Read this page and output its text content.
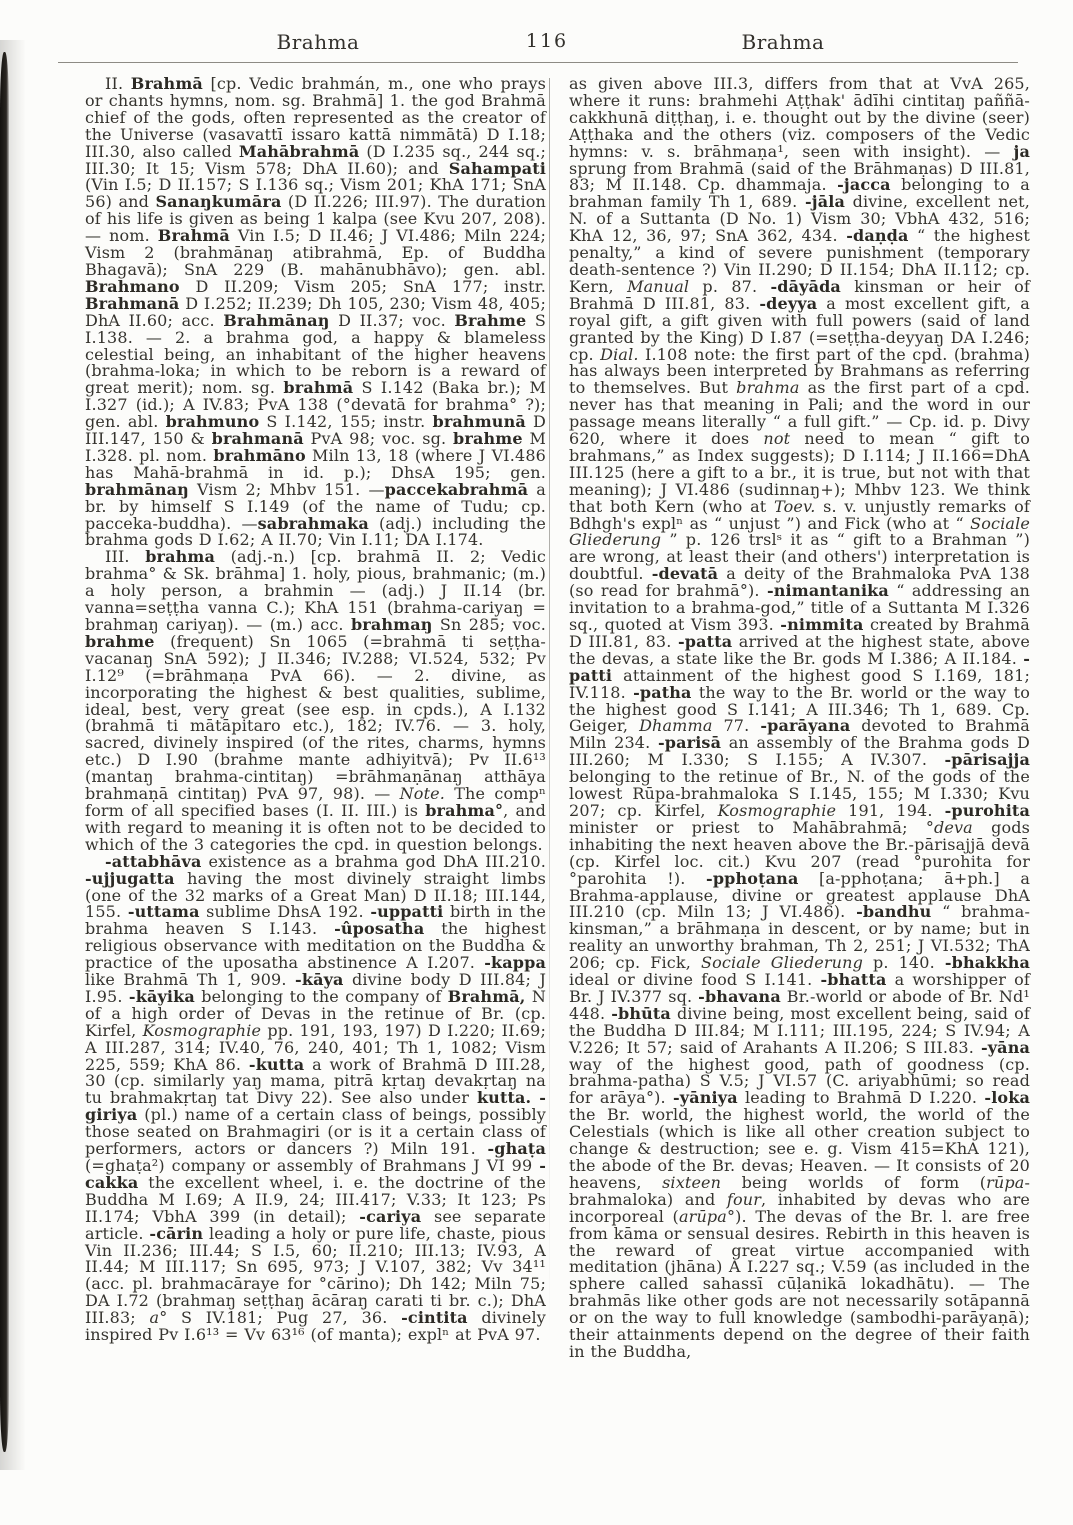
Brahma	116	Brahma

II. Brahmā [cp. Vedic brahmán, m., one who prays or chants hymns, nom. sg. Brahmā] 1. the god Brahmā chief of the gods, often represented as the creator of the Universe (vasavattī issaro kattā nimmātā) D I.18; III.30, also called Mahābrahmā (D I.235 sq., 244 sq.; III.30; It 15; Vism 578; DhA II.60); and Sahampati (Vin I.5; D II.157; S I.136 sq.; Vism 201; KhA 171; SnA 56) and Sanaŋkumāra (D II.226; III.97). The duration of his life is given as being 1 kalpa (see Kvu 207, 208). — nom. Brahmā Vin I.5; D II.46; J VI.486; Miln 224; Vism 2 (brahmānaŋ atibrahmā, Ep. of Buddha Bhagavā); SnA 229 (B. mahānubhāvo); gen. abl. Brahmano D II.209; Vism 205; SnA 177; instr. Brahmanā D I.252; II.239; Dh 105, 230; Vism 48, 405; DhA II.60; acc. Brahmānaŋ D II.37; voc. Brahme S I.138. — 2. a brahma god, a happy & blameless celestial being, an inhabitant of the higher heavens (brahma-loka; in which to be reborn is a reward of great merit); nom. sg. brahmā S I.142 (Baka br.); M I.327 (id.); A IV.83; PvA 138 (°devatā for brahma° ?); gen. abl. brahmuno S I.142, 155; instr. brahmunā D III.147, 150 & brahmanā PvA 98; voc. sg. brahme M I.328. pl. nom. brahmāno Miln 13, 18 (where J VI.486 has Mahā-brahmā in id. p.); DhsA 195; gen. brahmānaŋ Vism 2; Mhbv 151. —paccekabrahmā a br. by himself S I.149 (of the name of Tudu; cp. pacceka-buddha). —sabrahmaka (adj.) including the brahma gods D I.62; A II.70; Vin I.11; DA I.174.

III. brahma (adj.-n.) [cp. brahmā II. 2; Vedic brahma° & Sk. brāhma] 1. holy, pious, brahmanic; (m.) a holy person, a brahmin — (adj.) J II.14 (br. vanna=seṭṭha vanna C.); KhA 151 (brahma-cariyaŋ = brahmaŋ cariyaŋ). — (m.) acc. brahmaŋ Sn 285; voc. brahme (frequent) Sn 1065 (=brahmā ti seṭṭha-vacanaŋ SnA 592); J II.346; IV.288; VI.524, 532; Pv I.12⁹ (=brāhmaṇa PvA 66). — 2. divine, as incorporating the highest & best qualities, sublime, ideal, best, very great (see esp. in cpds.), A I.132 (brahmā ti mātāpitaro etc.), 182; IV.76. — 3. holy, sacred, divinely inspired (of the rites, charms, hymns etc.) D I.90 (brahme mante adhiyitvā); Pv II.6¹³ (mantaŋ brahma-cintitaŋ) =brāhmaṇānaŋ atthāya brahmaṇā cintitaŋ) PvA 97, 98). — Note. The compⁿ form of all specified bases (I. II. III.) is brahma°, and with regard to meaning it is often not to be decided to which of the 3 categories the cpd. in question belongs.

-attabhāva existence as a brahma god DhA III.210. -ujjugatta having the most divinely straight limbs (one of the 32 marks of a Great Man) D II.18; III.144, 155. -uttama sublime DhsA 192. -uppatti birth in the brahma heaven S I.143. -ûposatha the highest religious observance with meditation on the Buddha & practice of the uposatha abstinence A I.207. -kappa like Brahmā Th 1, 909. -kāya divine body D III.84; J I.95. -kāyika belonging to the company of Brahmā, N of a high order of Devas in the retinue of Br. (cp. Kirfel, Kosmographie pp. 191, 193, 197) D I.220; II.69; A III.287, 314; IV.40, 76, 240, 401; Th 1, 1082; Vism 225, 559; KhA 86. -kutta a work of Brahmā D III.28, 30 (cp. similarly yaŋ mama, pitrā kṛtaŋ devakṛtaŋ na tu brahmakṛtaŋ tat Divy 22). See also under kutta. -giriya (pl.) name of a certain class of beings, possibly those seated on Brahmagiri (or is it a certain class of performers, actors or dancers ?) Miln 191. -ghaṭa (=ghaṭa²) company or assembly of Brahmans J VI 99 -cakka the excellent wheel, i. e. the doctrine of the Buddha M I.69; A II.9, 24; III.417; V.33; It 123; Ps II.174; VbhA 399 (in detail); -cariya see separate article. -cārin leading a holy or pure life, chaste, pious Vin II.236; III.44; S I.5, 60; II.210; III.13; IV.93, A II.44; M III.117; Sn 695, 973; J V.107, 382; Vv 34¹¹ (acc. pl. brahmacāraye for °cārino); Dh 142; Miln 75; DA I.72 (brahmaŋ seṭṭhaŋ ācāraŋ carati ti br. c.); DhA III.83; a° S IV.181; Pug 27, 36. -cintita divinely inspired Pv I.6¹³ = Vv 63¹⁶ (of manta); explⁿ at PvA 97.

as given above III.3, differs from that at VvA 265, where it runs: brahmehi Aṭṭhak' ādīhi cintitaŋ paññā-cakkhunā diṭṭhaŋ, i. e. thought out by the divine (seer) Aṭṭhaka and the others (viz. composers of the Vedic hymns: v. s. brāhmaṇa¹, seen with insight). — ja sprung from Brahmā (said of the Brāhmaṇas) D III.81, 83; M II.148. Cp. dhammaja. -jacca belonging to a brahman family Th 1, 689. -jāla divine, excellent net, N. of a Suttanta (D No. 1) Vism 30; VbhA 432, 516; KhA 12, 36, 97; SnA 362, 434. -daṇḍa “ the highest penalty,” a kind of severe punishment (temporary death-sentence ?) Vin II.290; D II.154; DhA II.112; cp. Kern, Manual p. 87. -dāyāda kinsman or heir of Brahmā D III.81, 83. -deyya a most excellent gift, a royal gift, a gift given with full powers (said of land granted by the King) D I.87 (=seṭṭha-deyyaŋ DA I.246; cp. Dial. I.108 note: the first part of the cpd. (brahma) has always been interpreted by Brahmans as referring to themselves. But brahma as the first part of a cpd. never has that meaning in Pali; and the word in our passage means literally “ a full gift.” — Cp. id. p. Divy 620, where it does not need to mean “ gift to brahmans,” as Index suggests); D I.114; J II.166=DhA III.125 (here a gift to a br., it is true, but not with that meaning); J VI.486 (sudinnaŋ+); Mhbv 123. We think that both Kern (who at Toev. s. v. unjustly remarks of Bdhgh's explⁿ as “ unjust ”) and Fick (who at “ Sociale Gliederung ” p. 126 trslˢ it as “ gift to a Brahman ”) are wrong, at least their (and others') interpretation is doubtful. -devatā a deity of the Brahmaloka PvA 138 (so read for brahmā°). -nimantanika “ addressing an invitation to a brahma-god,” title of a Suttanta M I.326 sq., quoted at Vism 393. -nimmita created by Brahmā D III.81, 83. -patta arrived at the highest state, above the devas, a state like the Br. gods M I.386; A II.184. -patti attainment of the highest good S I.169, 181; IV.118. -patha the way to the Br. world or the way to the highest good S I.141; A III.346; Th 1, 689. Cp. Geiger, Dhamma 77. -parāyana devoted to Brahmā Miln 234. -parisā an assembly of the Brahma gods D III.260; M I.330; S I.155; A IV.307. -pārisajja belonging to the retinue of Br., N. of the gods of the lowest Rūpa-brahmaloka S I.145, 155; M I.330; Kvu 207; cp. Kirfel, Kosmographie 191, 194. -purohita minister or priest to Mahābrahmā; °deva gods inhabiting the next heaven above the Br.-pārisajjā devā (cp. Kirfel loc. cit.) Kvu 207 (read °purohita for °parohita !). -pphoṭana [a-pphoṭana; ā+ph.] a Brahma-applause, divine or greatest applause DhA III.210 (cp. Miln 13; J VI.486). -bandhu “ brahma-kinsman,” a brāhmaṇa in descent, or by name; but in reality an unworthy brahman, Th 2, 251; J VI.532; ThA 206; cp. Fick, Sociale Gliederung p. 140. -bhakkha ideal or divine food S I.141. -bhatta a worshipper of Br. J IV.377 sq. -bhavana Br.-world or abode of Br. Nd¹ 448. -bhūta divine being, most excellent being, said of the Buddha D III.84; M I.111; III.195, 224; S IV.94; A V.226; It 57; said of Arahants A II.206; S III.83. -yāna way of the highest good, path of goodness (cp. brahma-patha) S V.5; J VI.57 (C. ariyabhūmi; so read for arāya°). -yāniya leading to Brahmā D I.220. -loka the Br. world, the highest world, the world of the Celestials (which is like all other creation subject to change & destruction; see e. g. Vism 415=KhA 121), the abode of the Br. devas; Heaven. — It consists of 20 heavens, sixteen being worlds of form (rūpa-brahmaloka) and four, inhabited by devas who are incorporeal (arūpa°). The devas of the Br. l. are free from kāma or sensual desires. Rebirth in this heaven is the reward of great virtue accompanied with meditation (jhāna) A I.227 sq.; V.59 (as included in the sphere called sahassī cūḷanikā lokadhātu). — The brahmās like other gods are not necessarily sotāpannā or on the way to full knowledge (sambodhi-parāyaṇā); their attainments depend on the degree of their faith in the Buddha,
